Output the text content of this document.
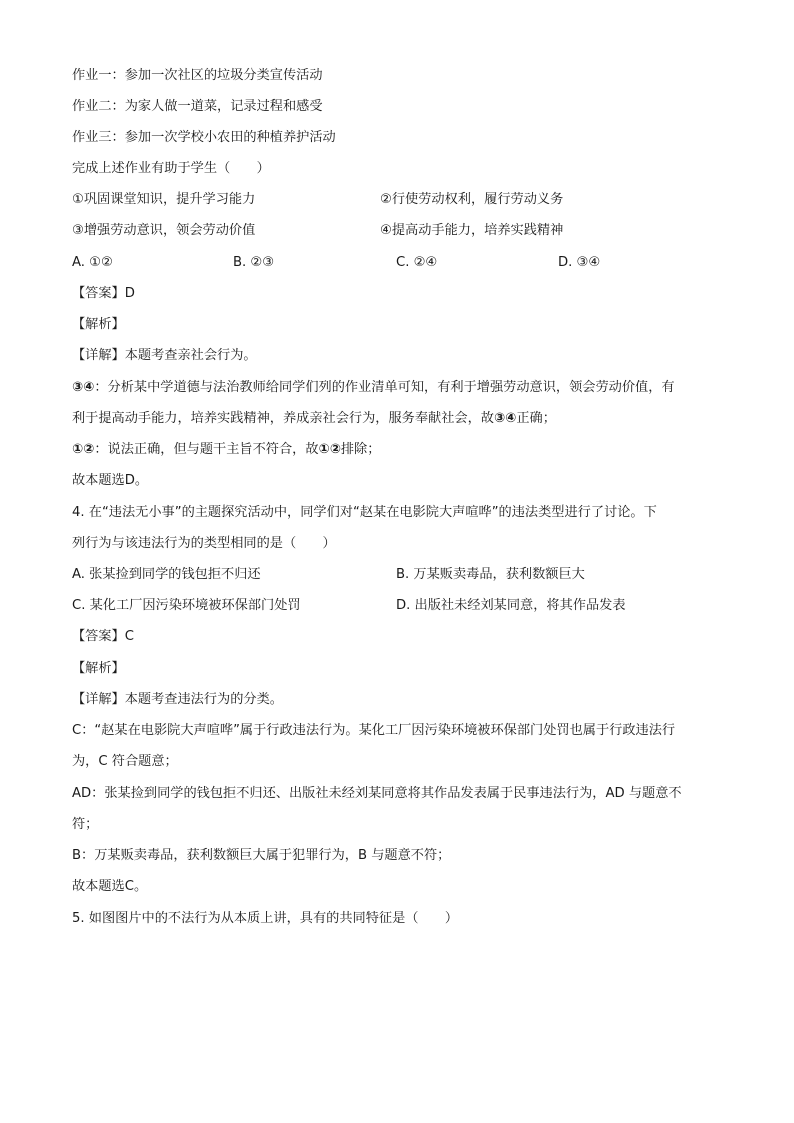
作业一：参加一次社区的垃圾分类宣传活动
作业二：为家人做一道菜，记录过程和感受
作业三：参加一次学校小农田的种植养护活动
完成上述作业有助于学生（　　）
①巩固课堂知识，提升学习能力	②行使劳动权利，履行劳动义务
③增强劳动意识，领会劳动价值	④提高动手能力，培养实践精神
A. ①②	B. ②③	C. ②④	D. ③④
【答案】D
【解析】
【详解】本题考查亲社会行为。
③④：分析某中学道德与法治教师给同学们列的作业清单可知，有利于增强劳动意识，领会劳动价值，有
利于提高动手能力，培养实践精神，养成亲社会行为，服务奉献社会，故③④正确；
①②：说法正确，但与题干主旨不符合，故①②排除；
故本题选D。
4. 在“违法无小事”的主题探究活动中，同学们对“赵某在电影院大声喧哗”的违法类型进行了讨论。下
列行为与该违法行为的类型相同的是（　　）
A. 张某捡到同学的钱包拒不归还	B. 万某贩卖毒品，获利数额巨大
C. 某化工厂因污染环境被环保部门处罚	D. 出版社未经刘某同意，将其作品发表
【答案】C
【解析】
【详解】本题考查违法行为的分类。
C：“赵某在电影院大声喧哗”属于行政违法行为。某化工厂因污染环境被环保部门处罚也属于行政违法行
为，C 符合题意；
AD：张某捡到同学的钱包拒不归还、出版社未经刘某同意将其作品发表属于民事违法行为，AD 与题意不
符；
B：万某贩卖毒品，获利数额巨大属于犯罪行为，B 与题意不符；
故本题选C。
5. 如图图片中的不法行为从本质上讲，具有的共同特征是（　　）
